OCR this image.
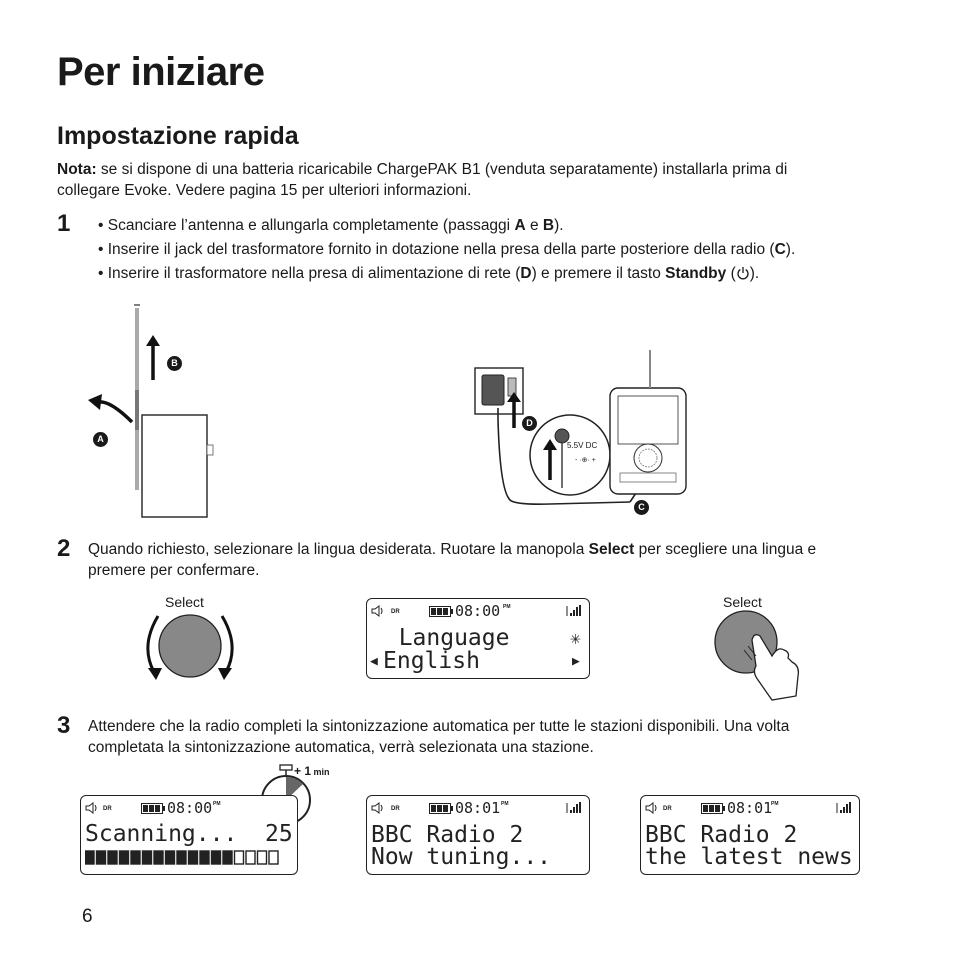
Per iniziare
Impostazione rapida
Nota: se si dispone di una batteria ricaricabile ChargePAK B1 (venduta separatamente) installarla prima di
collegare Evoke. Vedere pagina 15 per ulteriori informazioni.
1 • Scanciare l’antenna e allungarla completamente (passaggi A e B).
• Inserire il jack del trasformatore fornito in dotazione nella presa della parte posteriore della radio (C).
• Inserire il trasformatore nella presa di alimentazione di rete (D) e premere il tasto Standby ( ).
B
A
- ·⊕· +
5.5V DC
D
C
2 Quando richiesto, selezionare la lingua desiderata. Ruotare la manopola Select per scegliere una lingua e
premere per confermare.
Select
DR	08:00 PM
Language ✳
◀ English	▶
Select
3 Attendere che la radio completi la sintonizzazione automatica per tutte le stazioni disponibili. Una volta
completata la sintonizzazione automatica, verrà selezionata una stazione.
+ 1 min
DR	08:00 PM
Scanning...  25
DR	08:01 PM
BBC Radio 2
Now tuning...
DR	08:01
PM
BBC Radio 2
the latest news
6
